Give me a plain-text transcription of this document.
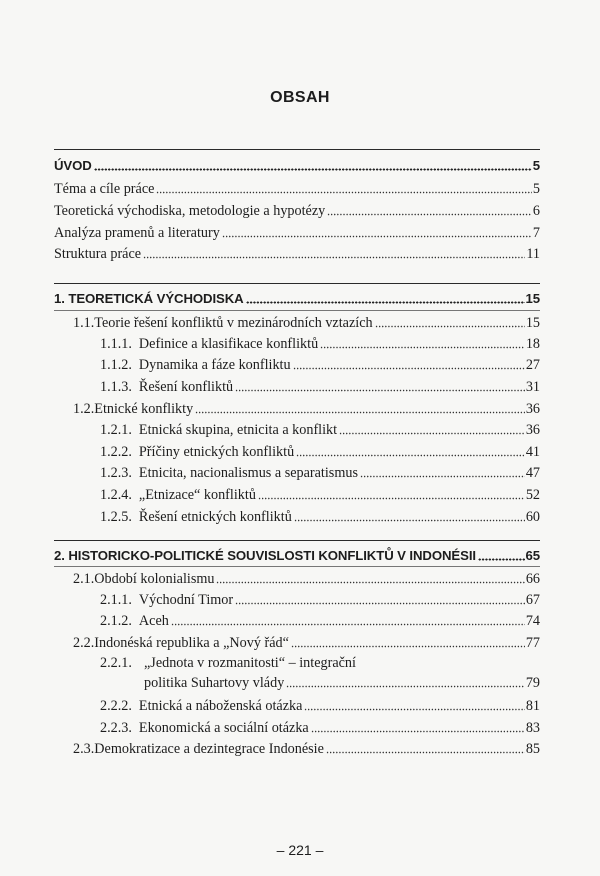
OBSAH
ÚVOD	5
Téma a cíle práce	5
Teoretická východiska, metodologie a hypotézy	6
Analýza pramenů a literatury	7
Struktura práce	11
1. TEORETICKÁ VÝCHODISKA	15
1.1. Teorie řešení konfliktů v mezinárodních vztazích	15
1.1.1. Definice a klasifikace konfliktů	18
1.1.2. Dynamika a fáze konfliktu	27
1.1.3. Řešení konfliktů	31
1.2. Etnické konflikty	36
1.2.1. Etnická skupina, etnicita a konflikt	36
1.2.2. Příčiny etnických konfliktů	41
1.2.3. Etnicita, nacionalismus a separatismus	47
1.2.4. „Etnizace“ konfliktů	52
1.2.5. Řešení etnických konfliktů	60
2. HISTORICKO-POLITICKÉ SOUVISLOSTI KONFLIKTŮ V INDONÉSII	65
2.1. Období kolonialismu	66
2.1.1. Východní Timor	67
2.1.2. Aceh	74
2.2. Indonéská republika a „Nový řád“	77
2.2.1. „Jednota v rozmanitosti“ – integrační
politika Suhartovy vlády	79
2.2.2. Etnická a náboženská otázka	81
2.2.3. Ekonomická a sociální otázka	83
2.3. Demokratizace a dezintegrace Indonésie	85
– 221 –
